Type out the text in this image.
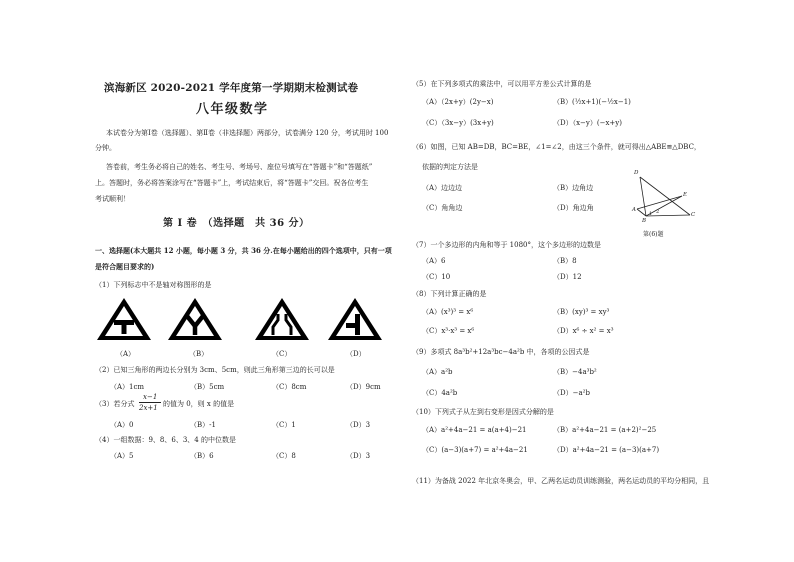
滨海新区 2020-2021 学年度第一学期期末检测试卷
八年级数学
本试卷分为第Ⅰ卷（选择题）、第Ⅱ卷（非选择题）两部分，试卷满分 120 分，考试用时 100
分钟。
答卷前，考生务必将自己的姓名、考生号、考场号、座位号填写在“答题卡”和“答题纸”
上。答题时，务必将答案涂写在“答题卡”上，考试结束后，将“答题卡”交回。祝各位考生
考试顺利！
第 I 卷　（选择题　共 36 分）
一、选择题(本大题共 12 小题，每小题 3 分，共 36 分.在每小题给出的四个选项中，只有一项
是符合题目要求的)
（1）下列标志中不是轴对称图形的是
（A）	（B）	（C）	（D）
（2）已知三角形的两边长分别为 3cm、5cm，则此三角形第三边的长可以是
（A）1cm	（B）5cm	（C）8cm	（D）9cm
（3）若分式
x−1
2x+1 的值为 0，则 x 的值是
（A）0	（B）-1	（C）1	（D）3
（4）一组数据：9、8、6、3、4 的中位数是
（A）5	（B）6	（C）8	（D）3
（5）在下列多项式的乘法中，可以用平方差公式计算的是
（A）（2x+y）(2y−x)	（B） (½x+1)(−½x−1)
（C）（3x−y）(3x+y)	（D）（x−y）(−x+y)
（6）如图，已知 AB=DB，BC=BE，∠1=∠2，由这三个条件，就可得出△ABE≌△DBC，
依据的判定方法是
（A）边边边	（B）边角边
（C）角角边	（D）角边角
D
E
A
C
B
1 2
第(6)题
（7）一个多边形的内角和等于 1080°，这个多边形的边数是
（A）6	（B）8
（C）10	（D）12
（8）下列计算正确的是
（A）(x³)³ = x⁶	（B）(xy)³ = xy³
（C）x³·x³ = x⁶	（D）x⁶ ÷ x² = x³
（9）多项式 8a³b²+12a³bc−4a²b 中，各项的公因式是
（A）a²b	（B）−4a³b²
（C）4a²b	（D）−a²b
（10）下列式子从左到右变形是因式分解的是
（A）a²+4a−21 = a(a+4)−21	（B）a²+4a−21 = (a+2)²−25
（C）(a−3)(a+7) = a²+4a−21	（D）a²+4a−21 = (a−3)(a+7)
（11）为备战 2022 年北京冬奥会，甲、乙两名运动员训练测验，两名运动员的平均分相同，且
